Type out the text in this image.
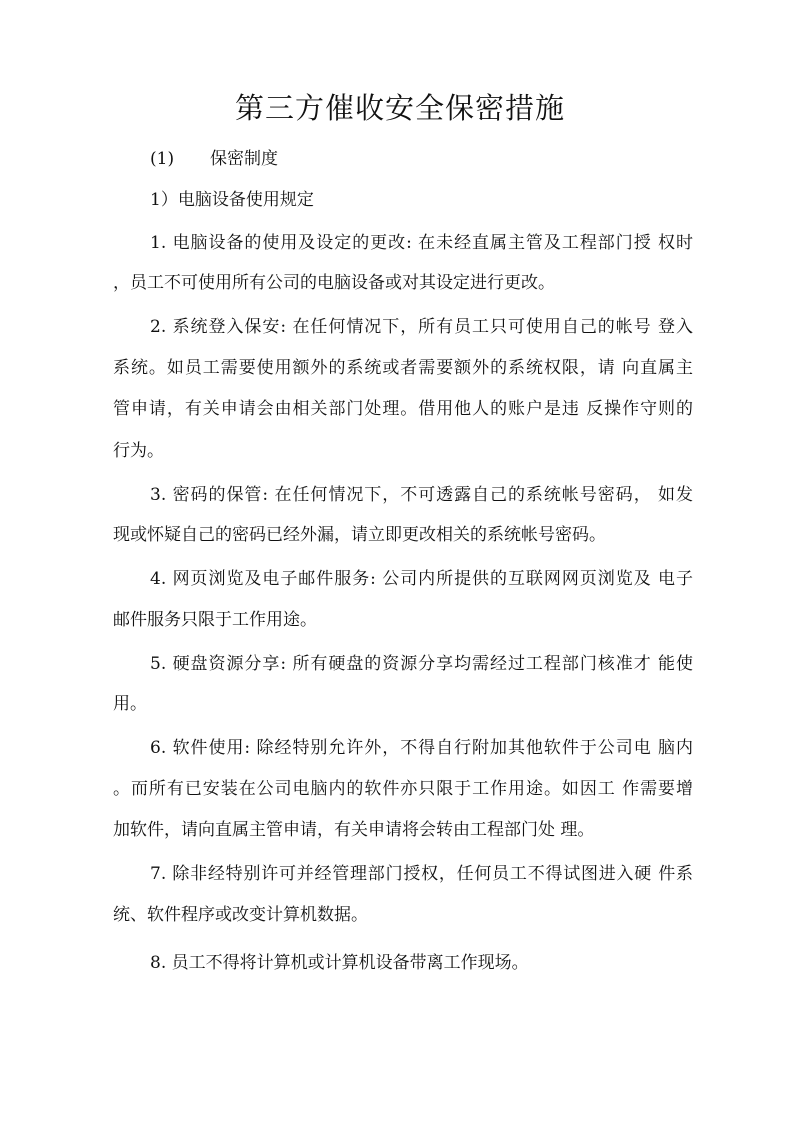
第三方催收安全保密措施
(1) 保密制度
1）电脑设备使用规定
1. 电脑设备的使用及设定的更改: 在未经直属主管及工程部门授 权时
，员工不可使用所有公司的电脑设备或对其设定进行更改。
2. 系统登入保安: 在任何情况下，所有员工只可使用自己的帐号 登入
系统。如员工需要使用额外的系统或者需要额外的系统权限，请 向直属主
管申请，有关申请会由相关部门处理。借用他人的账户是违 反操作守则的
行为。
3. 密码的保管: 在任何情况下，不可透露自己的系统帐号密码， 如发
现或怀疑自己的密码已经外漏，请立即更改相关的系统帐号密码。
4. 网页浏览及电子邮件服务: 公司内所提供的互联网网页浏览及 电子
邮件服务只限于工作用途。
5. 硬盘资源分享: 所有硬盘的资源分享均需经过工程部门核准才 能使
用。
6. 软件使用: 除经特别允许外，不得自行附加其他软件于公司电 脑内
。而所有已安装在公司电脑内的软件亦只限于工作用途。如因工 作需要增
加软件，请向直属主管申请，有关申请将会转由工程部门处 理。
7. 除非经特别许可并经管理部门授权，任何员工不得试图进入硬 件系
统、软件程序或改变计算机数据。
8. 员工不得将计算机或计算机设备带离工作现场。
